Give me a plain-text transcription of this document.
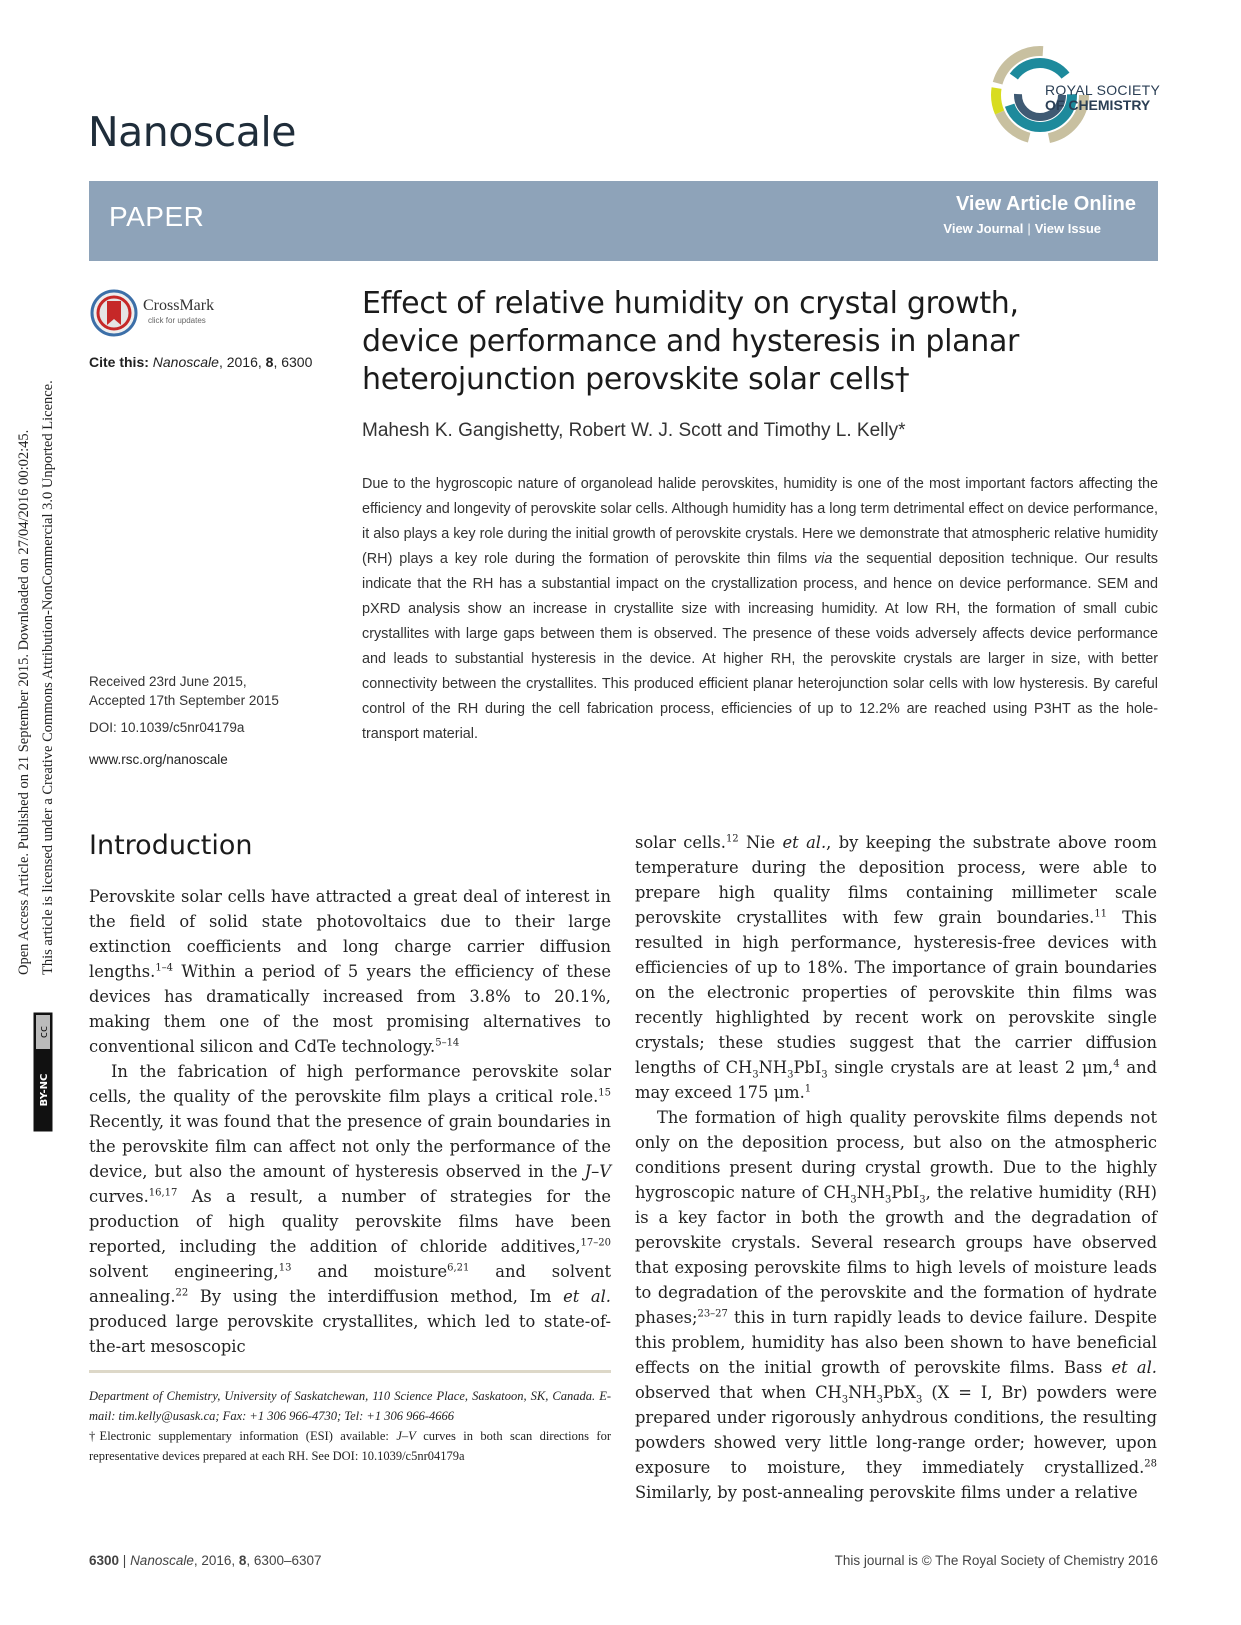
Nanoscale
ROYAL SOCIETY
OF CHEMISTRY
PAPER	View Article Online
View Journal | View Issue
CrossMark
click for updates
Cite this: Nanoscale, 2016, 8, 6300
Effect of relative humidity on crystal growth, device performance and hysteresis in planar heterojunction perovskite solar cells†
Mahesh K. Gangishetty, Robert W. J. Scott and Timothy L. Kelly*
Due to the hygroscopic nature of organolead halide perovskites, humidity is one of the most important factors affecting the efficiency and longevity of perovskite solar cells. Although humidity has a long term detrimental effect on device performance, it also plays a key role during the initial growth of perovskite crystals. Here we demonstrate that atmospheric relative humidity (RH) plays a key role during the formation of perovskite thin films via the sequential deposition technique. Our results indicate that the RH has a substantial impact on the crystallization process, and hence on device performance. SEM and pXRD analysis show an increase in crystallite size with increasing humidity. At low RH, the formation of small cubic crystallites with large gaps between them is observed. The presence of these voids adversely affects device performance and leads to substantial hysteresis in the device. At higher RH, the perovskite crystals are larger in size, with better connectivity between the crystallites. This produced efficient planar heterojunction solar cells with low hysteresis. By careful control of the RH during the cell fabrication process, efficiencies of up to 12.2% are reached using P3HT as the hole-transport material.
Received 23rd June 2015,
Accepted 17th September 2015
DOI: 10.1039/c5nr04179a
www.rsc.org/nanoscale
Open Access Article. Published on 21 September 2015. Downloaded on 27/04/2016 00:02:45. This article is licensed under a Creative Commons Attribution-NonCommercial 3.0 Unported Licence.
cc
BY-NC
Introduction

Perovskite solar cells have attracted a great deal of interest in the field of solid state photovoltaics due to their large extinction coefficients and long charge carrier diffusion lengths.$^{1-4}$ Within a period of 5 years the efficiency of these devices has dramatically increased from 3.8% to 20.1%, making them one of the most promising alternatives to conventional silicon and CdTe technology.$^{5-14}$

In the fabrication of high performance perovskite solar cells, the quality of the perovskite film plays a critical role.$^{15}$ Recently, it was found that the presence of grain boundaries in the perovskite film can affect not only the performance of the device, but also the amount of hysteresis observed in the J–V curves.$^{16,17}$ As a result, a number of strategies for the production of high quality perovskite films have been reported, including the addition of chloride additives,$^{17-20}$ solvent engineering,$^{13}$ and moisture$^{6,21}$ and solvent annealing.$^{22}$ By using the interdiffusion method, Im et al. produced large perovskite crystallites, which led to state-of-the-art mesoscopic

solar cells.$^{12}$ Nie et al., by keeping the substrate above room temperature during the deposition process, were able to prepare high quality films containing millimeter scale perovskite crystallites with few grain boundaries.$^{11}$ This resulted in high performance, hysteresis-free devices with efficiencies of up to 18%. The importance of grain boundaries on the electronic properties of perovskite thin films was recently highlighted by recent work on perovskite single crystals; these studies suggest that the carrier diffusion lengths of $CH_3NH_3PbI_3$ single crystals are at least 2 μm,$^4$ and may exceed 175 μm.$^1$

The formation of high quality perovskite films depends not only on the deposition process, but also on the atmospheric conditions present during crystal growth. Due to the highly hygroscopic nature of $CH_3NH_3PbI_3$, the relative humidity (RH) is a key factor in both the growth and the degradation of perovskite crystals. Several research groups have observed that exposing perovskite films to high levels of moisture leads to degradation of the perovskite and the formation of hydrate phases;$^{23-27}$ this in turn rapidly leads to device failure. Despite this problem, humidity has also been shown to have beneficial effects on the initial growth of perovskite films. Bass et al. observed that when $CH_3NH_3PbX_3$ (X = I, Br) powders were prepared under rigorously anhydrous conditions, the resulting powders showed very little long-range order; however, upon exposure to moisture, they immediately crystallized.$^{28}$ Similarly, by post-annealing perovskite films under a relative

Department of Chemistry, University of Saskatchewan, 110 Science Place, Saskatoon, SK, Canada. E-mail: tim.kelly@usask.ca; Fax: +1 306 966-4730; Tel: +1 306 966-4666
†Electronic supplementary information (ESI) available: J–V curves in both scan directions for representative devices prepared at each RH. See DOI: 10.1039/c5nr04179a
6300 | Nanoscale, 2016, 8, 6300–6307	This journal is © The Royal Society of Chemistry 2016
